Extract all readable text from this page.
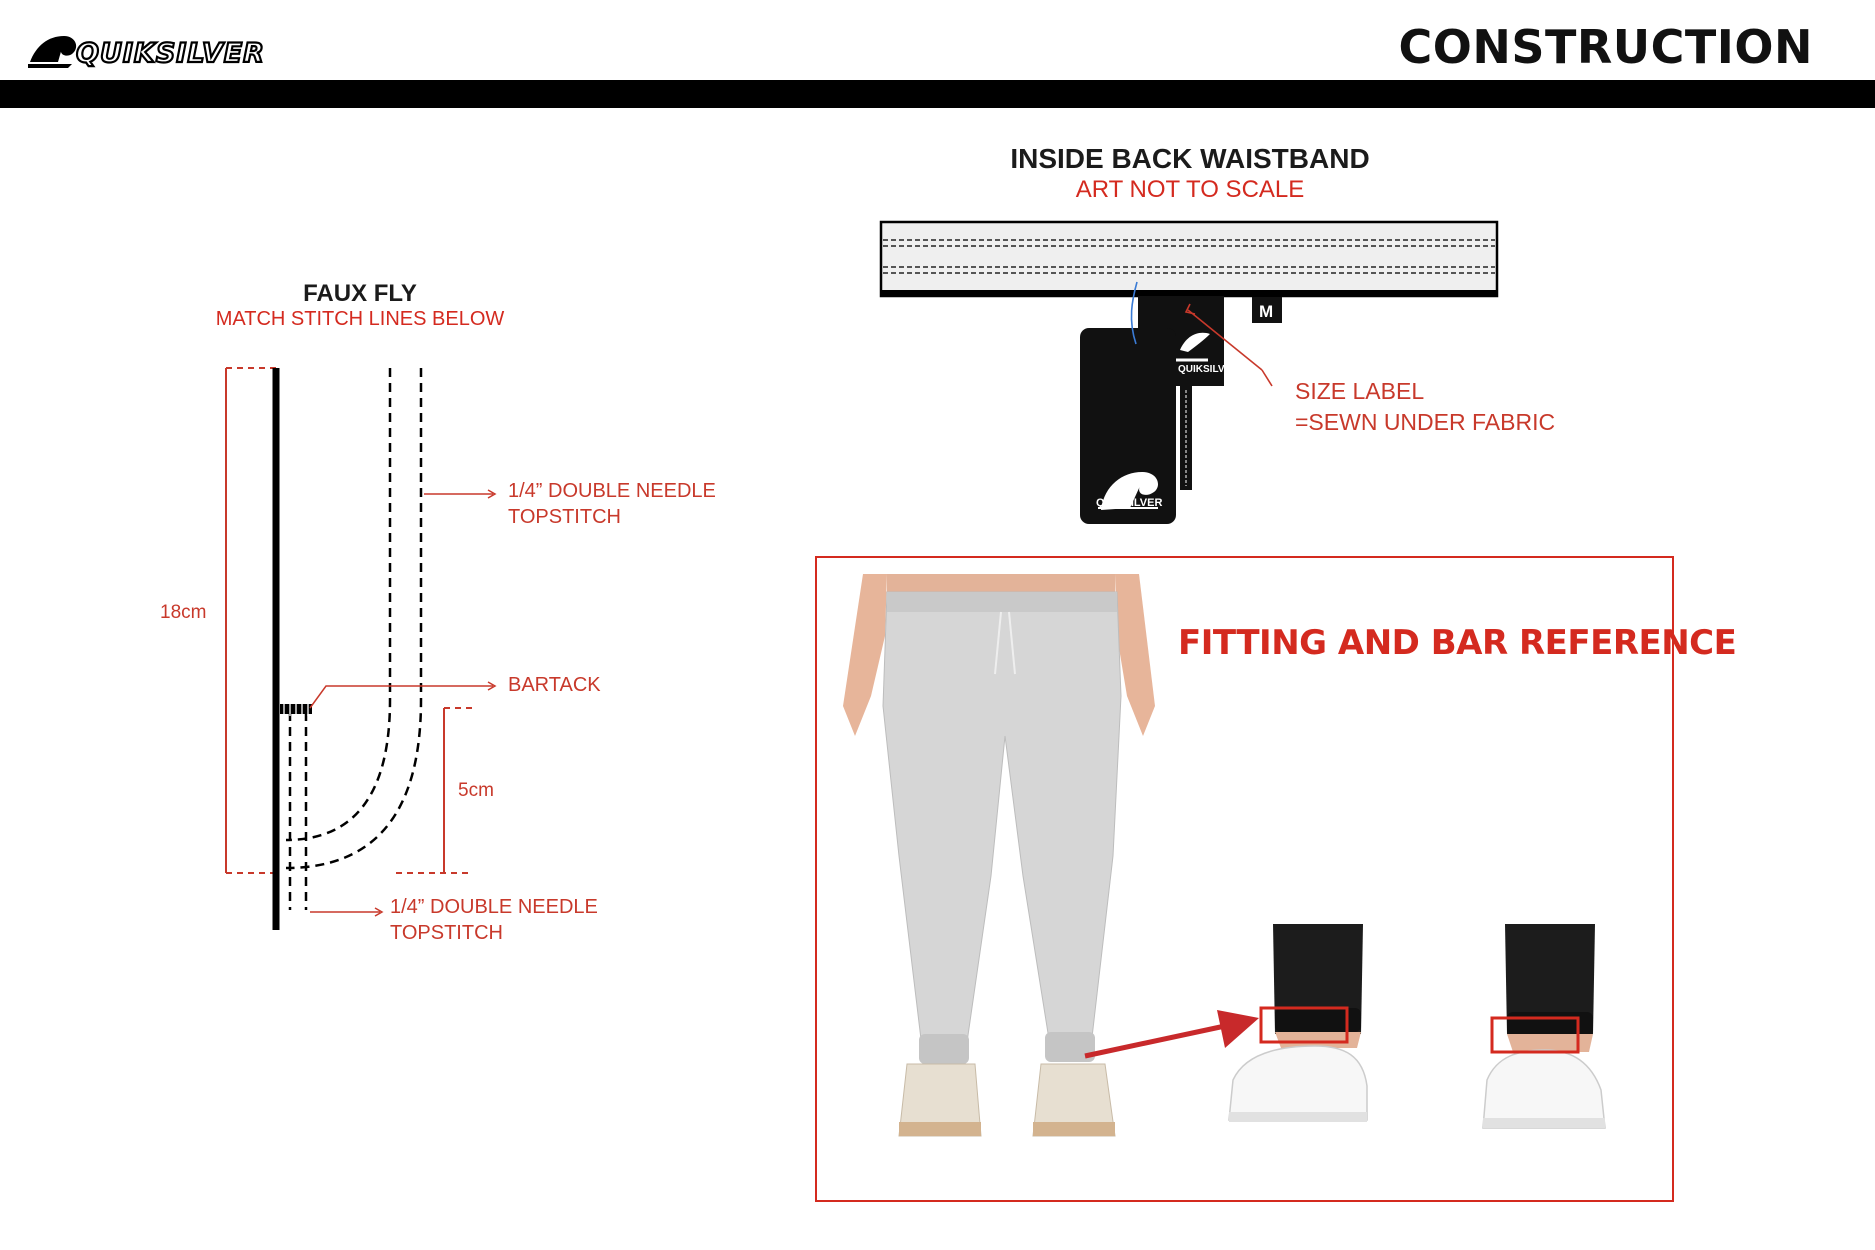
QUIKSILVER	CONSTRUCTION
FAUX FLY
MATCH STITCH LINES BELOW
18cm
5cm
1/4” DOUBLE NEEDLE
TOPSTITCH
BARTACK
1/4” DOUBLE NEEDLE
TOPSTITCH
INSIDE BACK WAISTBAND
ART NOT TO SCALE
QUIKSILVER
M
QUIKSILVER
SIZE LABEL
=SEWN UNDER FABRIC
FITTING AND BAR REFERENCE
